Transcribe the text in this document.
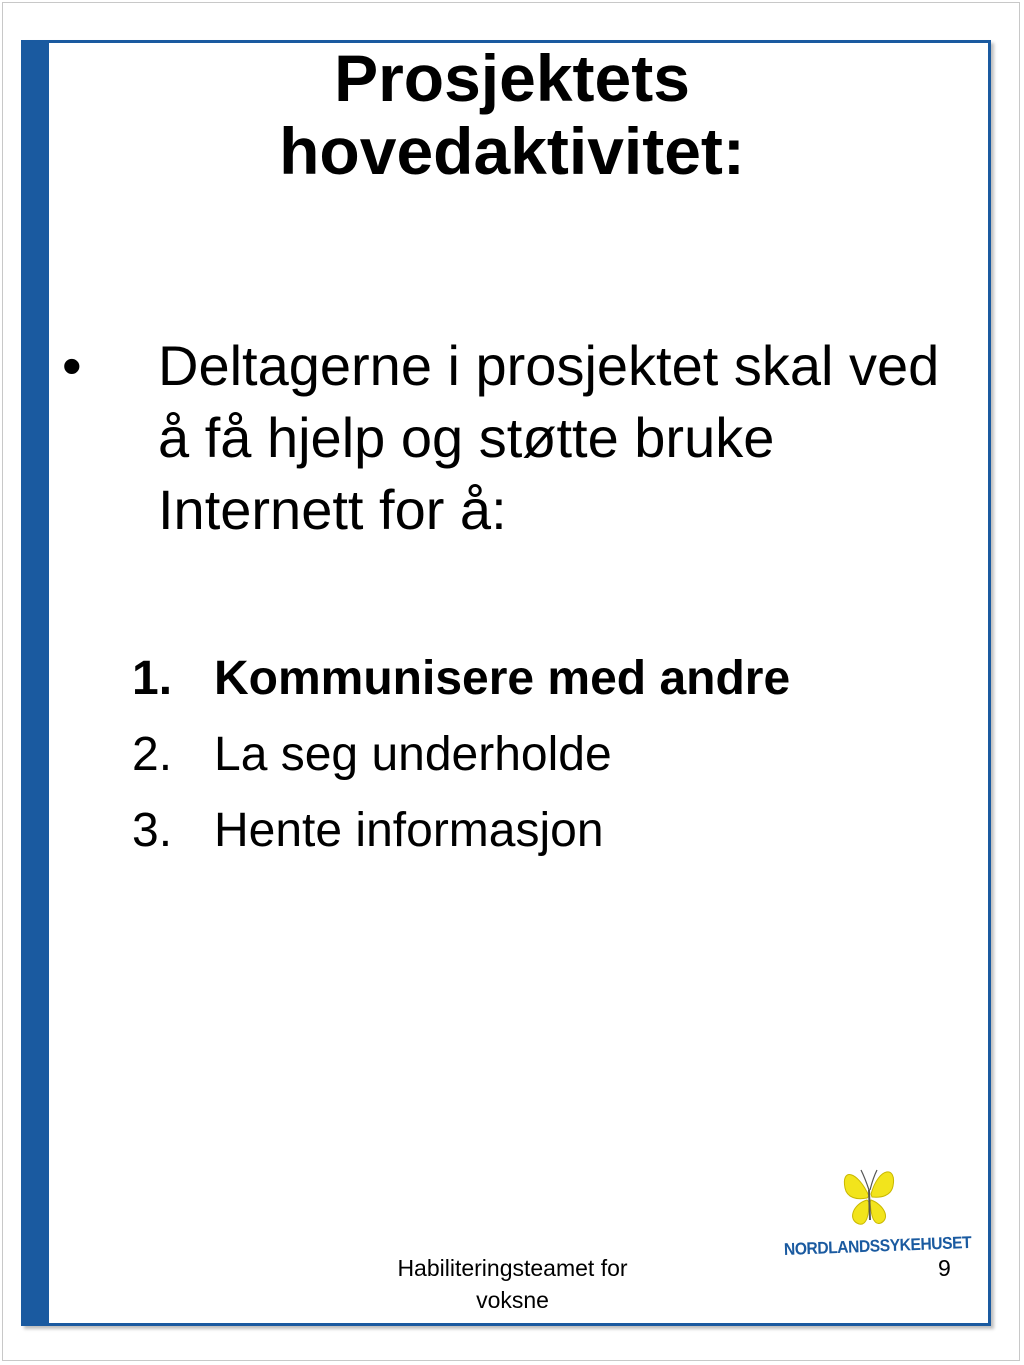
Prosjektets
hovedaktivitet:
• Deltagerne i prosjektet skal ved å få hjelp og støtte bruke Internett for å:
1. Kommunisere med andre
2. La seg underholde
3. Hente informasjon
Habiliteringsteamet for
voksne
NORDLANDSSYKEHUSET
9
